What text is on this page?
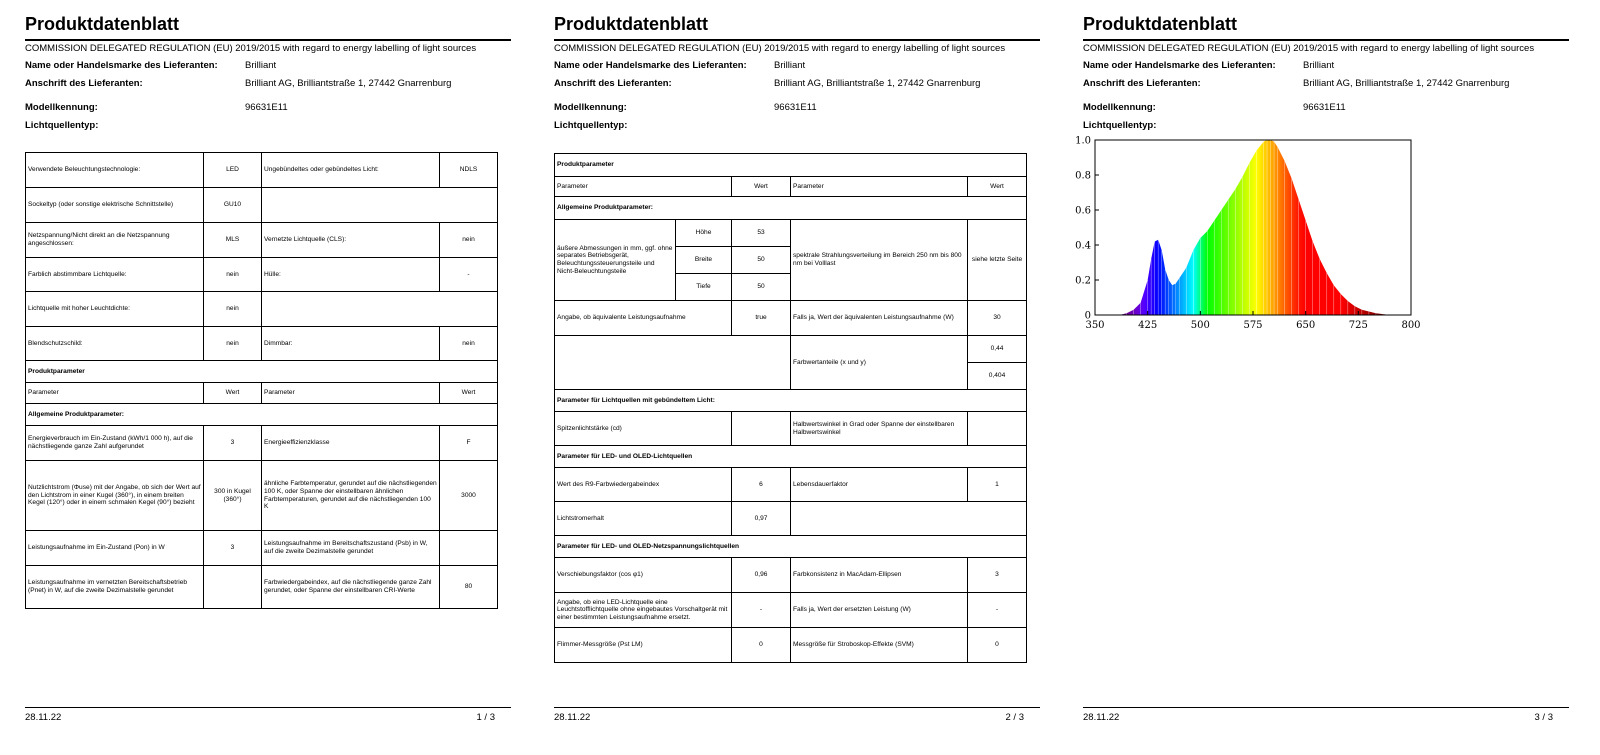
Produktdatenblatt
COMMISSION DELEGATED REGULATION (EU) 2019/2015 with regard to energy labelling of light sources
Name oder Handelsmarke des Lieferanten:	Brilliant
Anschrift des Lieferanten:	Brilliant AG, Brilliantstraße 1, 27442 Gnarrenburg
Modellkennung:	96631E11
Lichtquellentyp:
Verwendete Beleuchtungstechnologie:	LED	Ungebündeltes oder gebündeltes Licht:	NDLS
Sockeltyp (oder sonstige elektrische Schnittstelle)	GU10		
Netzspannung/Nicht direkt an die Netzspannung angeschlossen:	MLS	Vernetzte Lichtquelle (CLS):	nein
Farblich abstimmbare Lichtquelle:	nein	Hülle:	-
Lichtquelle mit hoher Leuchtdichte:	nein		
Blendschutzschild:	nein	Dimmbar:	nein
Produktparameter			
Parameter	Wert	Parameter	Wert
Allgemeine Produktparameter:			
Energieverbrauch im Ein-Zustand (kWh/1 000 h), auf die nächstliegende ganze Zahl aufgerundet	3	Energieeffizienzklasse	F
Nutzlichtstrom (Φuse) mit der Angabe, ob sich der Wert auf den Lichtstrom in einer Kugel (360°), in einem breiten Kegel (120°) oder in einem schmalen Kegel (90°) bezieht	300 in Kugel (360°)	ähnliche Farbtemperatur, gerundet auf die nächstliegenden 100 K, oder Spanne der einstellbaren ähnlichen Farbtemperaturen, gerundet auf die nächstliegenden 100 K	3000
Leistungsaufnahme im Ein-Zustand (Pon) in W	3	Leistungsaufnahme im Bereitschaftszustand (Psb) in W, auf die zweite Dezimalstelle gerundet	
Leistungsaufnahme im vernetzten Bereitschaftsbetrieb (Pnet) in W, auf die zweite Dezimalstelle gerundet		Farbwiedergabeindex, auf die nächstliegende ganze Zahl gerundet, oder Spanne der einstellbaren CRI-Werte	80
28.11.22	1 / 3
Produktdatenblatt
COMMISSION DELEGATED REGULATION (EU) 2019/2015 with regard to energy labelling of light sources
Name oder Handelsmarke des Lieferanten:	Brilliant
Anschrift des Lieferanten:	Brilliant AG, Brilliantstraße 1, 27442 Gnarrenburg
Modellkennung:	96631E11
Lichtquellentyp:
Produktparameter				
Parameter		Wert	Parameter	Wert
Allgemeine Produktparameter:				
äußere Abmessungen in mm, ggf. ohne separates Betriebsgerät, Beleuchtungssteuerungsteile und Nicht-Beleuchtungsteile	Höhe	53	spektrale Strahlungsverteilung im Bereich 250 nm bis 800 nm bei Volllast	siehe letzte Seite
	Breite	50		
	Tiefe	50		
Angabe, ob äquivalente Leistungsaufnahme		true	Falls ja, Wert der äquivalenten Leistungsaufnahme (W)	30
			Farbwertanteile (x und y)	0,44
				0,404
Parameter für Lichtquellen mit gebündeltem Licht:				
Spitzenlichtstärke (cd)			Halbwertswinkel in Grad oder Spanne der einstellbaren Halbwertswinkel	
Parameter für LED- und OLED-Lichtquellen				
Wert des R9-Farbwiedergabeindex		6	Lebensdauerfaktor	1
Lichtstromerhalt		0,97		
Parameter für LED- und OLED-Netzspannungslichtquellen				
Verschiebungsfaktor (cos φ1)		0,96	Farbkonsistenz in MacAdam-Ellipsen	3
Angabe, ob eine LED-Lichtquelle eine Leuchtstofflichtquelle ohne eingebautes Vorschaltgerät mit einer bestimmten Leistungsaufnahme ersetzt.		-	Falls ja, Wert der ersetzten Leistung (W)	-
Flimmer-Messgröße (Pst LM)		0	Messgröße für Stroboskop-Effekte (SVM)	0
28.11.22	2 / 3
Produktdatenblatt
COMMISSION DELEGATED REGULATION (EU) 2019/2015 with regard to energy labelling of light sources
Name oder Handelsmarke des Lieferanten:	Brilliant
Anschrift des Lieferanten:	Brilliant AG, Brilliantstraße 1, 27442 Gnarrenburg
Modellkennung:	96631E11
Lichtquellentyp:
350	425	500	575	650	725	800
0
0.2
0.4
0.6
0.8
1.0
28.11.22	3 / 3
